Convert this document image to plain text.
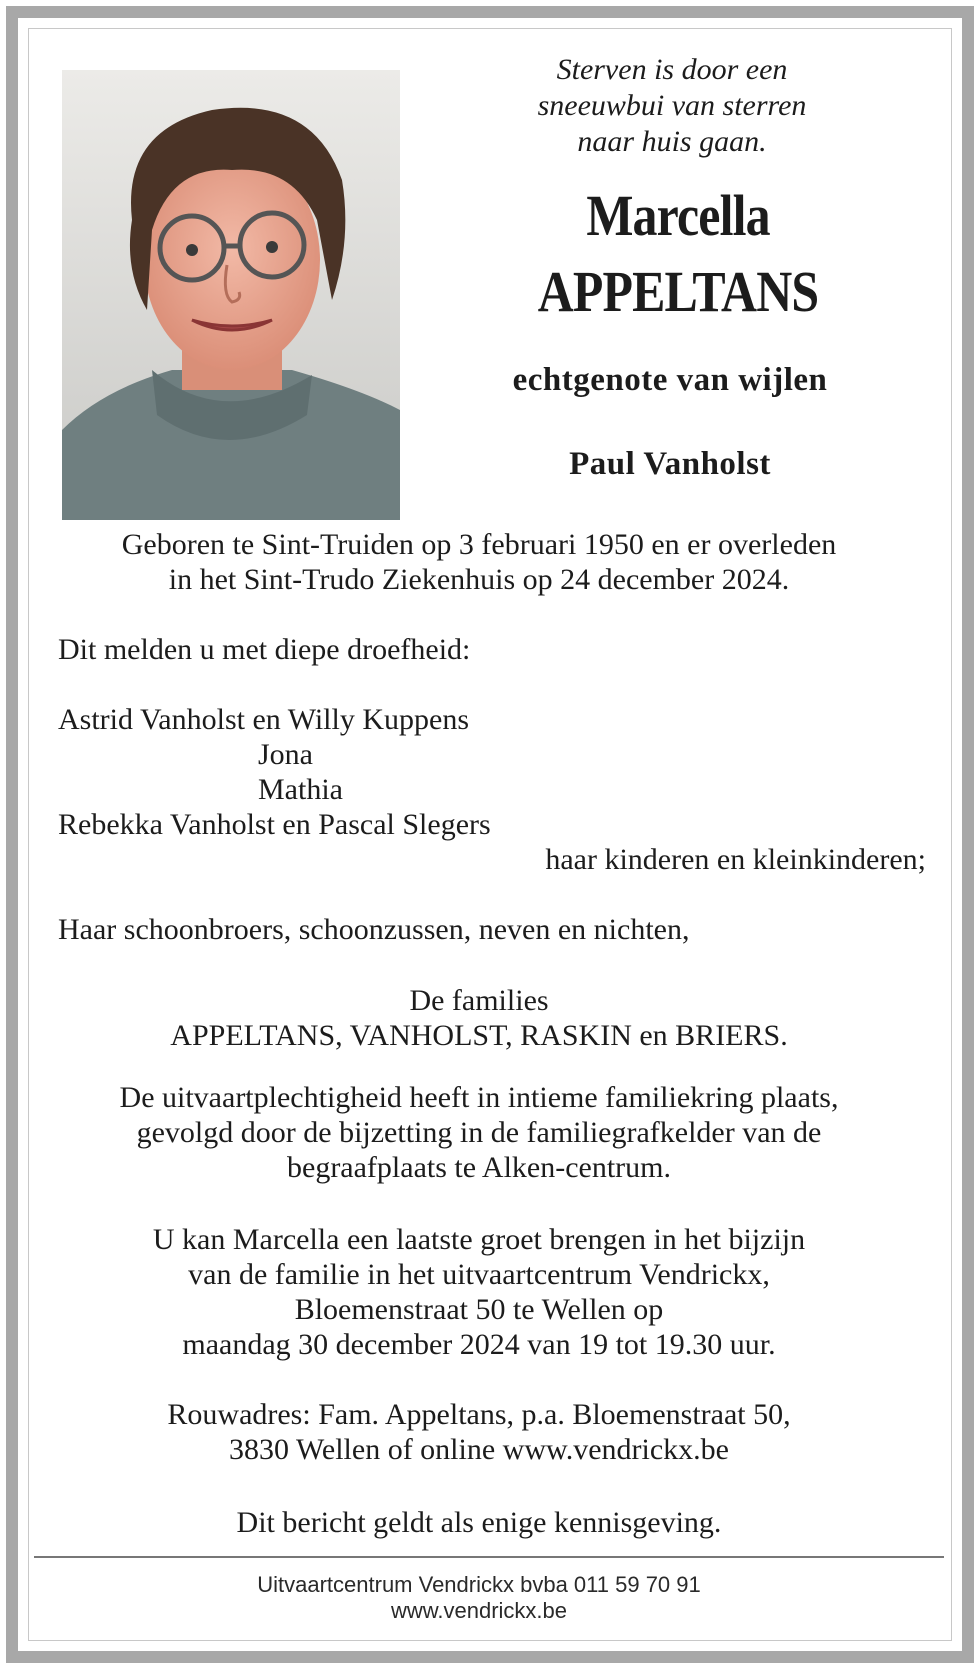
Sterven is door een
sneeuwbui van sterren
naar huis gaan.
Marcella
APPELTANS
echtgenote van wijlen
Paul Vanholst
Geboren te Sint-Truiden op 3 februari 1950 en er overleden
in het Sint-Trudo Ziekenhuis op 24 december 2024.
Dit melden u met diepe droefheid:
Astrid Vanholst en Willy Kuppens
Jona
Mathia
Rebekka Vanholst en Pascal Slegers
haar kinderen en kleinkinderen;
Haar schoonbroers, schoonzussen, neven en nichten,
De families
APPELTANS, VANHOLST, RASKIN en BRIERS.
De uitvaartplechtigheid heeft in intieme familiekring plaats,
gevolgd door de bijzetting in de familiegrafkelder van de
begraafplaats te Alken-centrum.
U kan Marcella een laatste groet brengen in het bijzijn
van de familie in het uitvaartcentrum Vendrickx,
Bloemenstraat 50 te Wellen op
maandag 30 december 2024 van 19 tot 19.30 uur.
Rouwadres: Fam. Appeltans, p.a. Bloemenstraat 50,
3830 Wellen of online www.vendrickx.be
Dit bericht geldt als enige kennisgeving.
Uitvaartcentrum Vendrickx bvba 011 59 70 91
www.vendrickx.be
